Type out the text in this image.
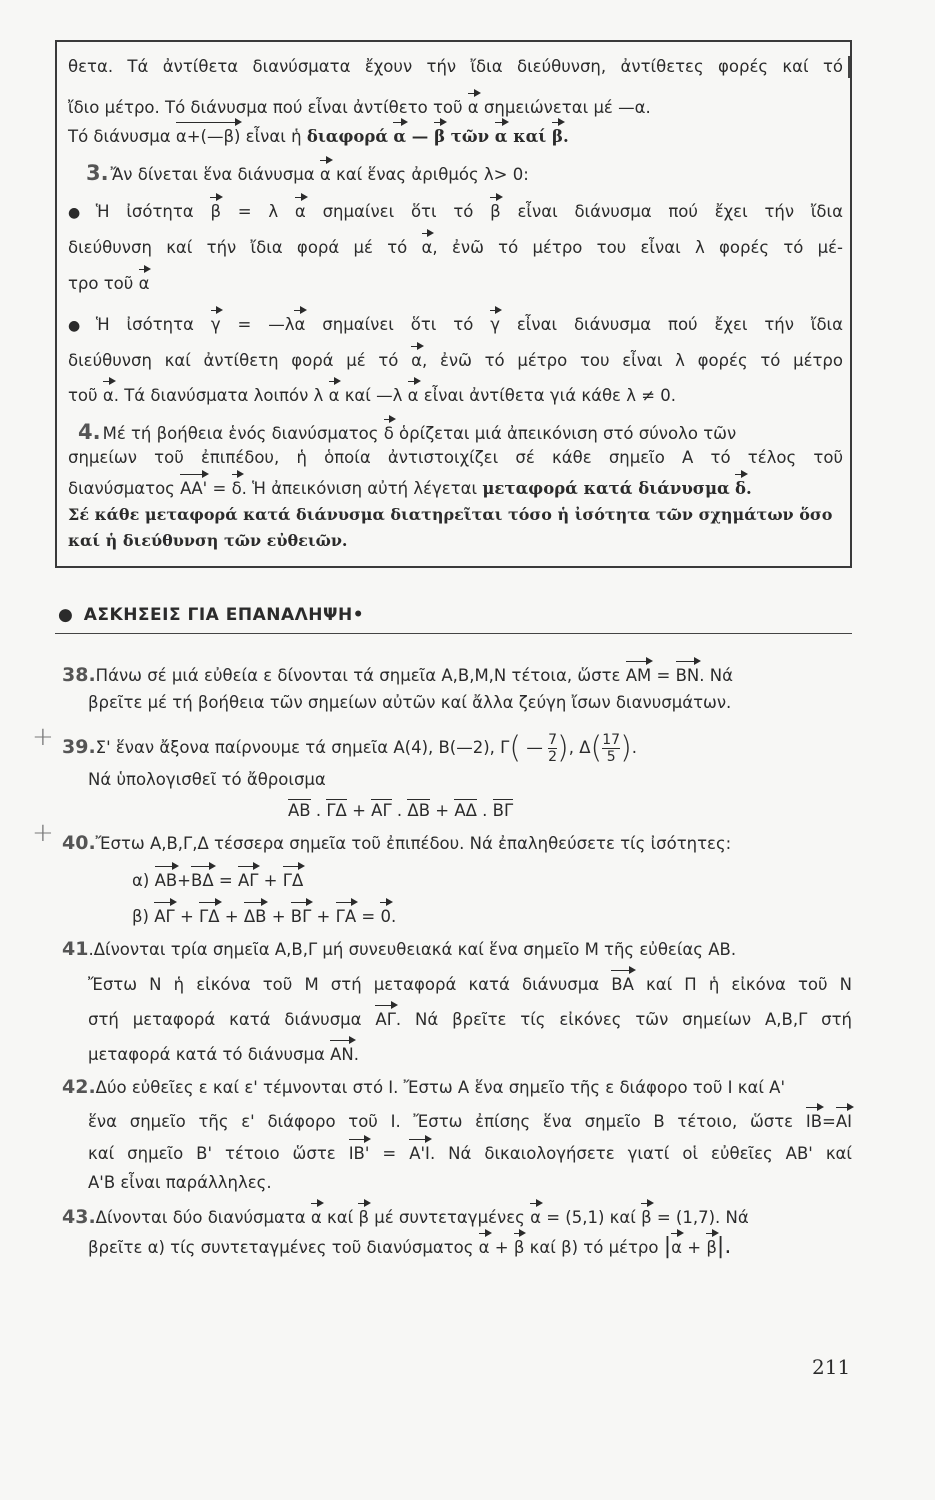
θετα. Τά ἀντίθετα διανύσματα ἔχουν τήν ἴδια διεύθυνση, ἀντίθετες φορές καί τό
ἴδιο μέτρο. Τό διάνυσμα πού εἶναι ἀντίθετο τοῦ α σημειώνεται μέ —α.
Τό διάνυσμα α+(—β) εἶναι ἡ διαφορά α — β τῶν α καί β.
3. Ἄν δίνεται ἕνα διάνυσμα α καί ἕνας ἀριθμός λ> 0:
● Ἡ ἰσότητα β = λ α σημαίνει ὅτι τό β εἶναι διάνυσμα πού ἔχει τήν ἴδια
διεύθυνση καί τήν ἴδια φορά μέ τό α, ἐνῶ τό μέτρο του εἶναι λ φορές τό μέ-
τρο τοῦ α
● Ἡ ἰσότητα γ = —λα σημαίνει ὅτι τό γ εἶναι διάνυσμα πού ἔχει τήν ἴδια
διεύθυνση καί ἀντίθετη φορά μέ τό α, ἐνῶ τό μέτρο του εἶναι λ φορές τό μέτρο
τοῦ α. Τά διανύσματα λοιπόν λ α καί —λ α εἶναι ἀντίθετα γιά κάθε λ ≠ 0.
4. Μέ τή βοήθεια ἑνός διανύσματος δ ὁρίζεται μιά ἀπεικόνιση στό σύνολο τῶν
σημείων τοῦ ἐπιπέδου, ἡ ὁποία ἀντιστοιχίζει σέ κάθε σημεῖο Α τό τέλος τοῦ
διανύσματος ΑΑ' = δ. Ἡ ἀπεικόνιση αὐτή λέγεται μεταφορά κατά διάνυσμα δ.
Σέ κάθε μεταφορά κατά διάνυσμα διατηρεῖται τόσο ἡ ἰσότητα τῶν σχημάτων ὅσο
καί ἡ διεύθυνση τῶν εὐθειῶν.
● ΑΣΚΗΣΕΙΣ ΓΙΑ ΕΠΑΝΑΛΗΨΗ•
38.Πάνω σέ μιά εὐθεία ε δίνονται τά σημεῖα Α,Β,Μ,Ν τέτοια, ὥστε ΑΜ = ΒΝ. Νά
βρεῖτε μέ τή βοήθεια τῶν σημείων αὐτῶν καί ἄλλα ζεύγη ἴσων διανυσμάτων.
+ 39.Σ' ἕναν ἄξονα παίρνουμε τά σημεῖα Α(4), Β(—2), Γ( — $\frac{7}{2}$ ), $\Delta( \frac{17}{5}$ ).
Νά ὑπολογισθεῖ τό ἄθροισμα
ΑΒ . ΓΔ + ΑΓ . ΔΒ + ΑΔ . ΒΓ
+ 40.Ἔστω Α,Β,Γ,Δ τέσσερα σημεῖα τοῦ ἐπιπέδου. Νά ἐπαληθεύσετε τίς ἰσότητες:
α) ΑΒ+ΒΔ = ΑΓ + ΓΔ
β) ΑΓ + ΓΔ + ΔΒ + ΒΓ + ΓΑ = 0.
41.Δίνονται τρία σημεῖα Α,Β,Γ μή συνευθειακά καί ἕνα σημεῖο Μ τῆς εὐθείας ΑΒ.
Ἔστω Ν ἡ εἰκόνα τοῦ Μ στή μεταφορά κατά διάνυσμα ΒΑ καί Π ἡ εἰκόνα τοῦ Ν
στή μεταφορά κατά διάνυσμα ΑΓ. Νά βρεῖτε τίς εἰκόνες τῶν σημείων Α,Β,Γ στή
μεταφορά κατά τό διάνυσμα ΑΝ.
42.Δύο εὐθεῖες ε καί ε' τέμνονται στό Ι. Ἔστω Α ἕνα σημεῖο τῆς ε διάφορο τοῦ Ι καί Α'
ἕνα σημεῖο τῆς ε' διάφορο τοῦ Ι. Ἔστω ἐπίσης ἕνα σημεῖο Β τέτοιο, ὥστε ΙΒ=ΑΙ
καί σημεῖο Β' τέτοιο ὥστε ΙΒ' = Α'Ι. Νά δικαιολογήσετε γιατί οἱ εὐθεῖες ΑΒ' καί
Α'Β εἶναι παράλληλες.
43.Δίνονται δύο διανύσματα α καί β μέ συντεταγμένες α = (5,1) καί β = (1,7). Νά
βρεῖτε α) τίς συντεταγμένες τοῦ διανύσματος α + β καί β) τό μέτρο |α + β|.
211
